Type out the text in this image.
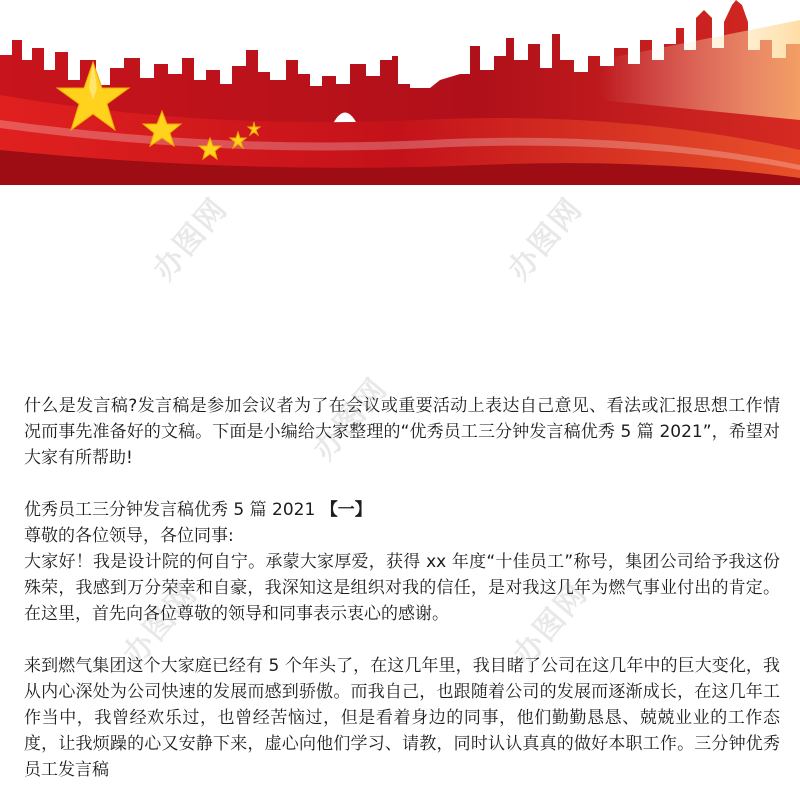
办图网	办图网
办图网
办图网	办图网

什么是发言稿?发言稿是参加会议者为了在会议或重要活动上表达自己意见、看法或汇报思想工作情况而事先准备好的文稿。下面是小编给大家整理的“优秀员工三分钟发言稿优秀 5 篇 2021”，希望对大家有所帮助!

优秀员工三分钟发言稿优秀 5 篇 2021 【一】

尊敬的各位领导，各位同事:

大家好！我是设计院的何自宁。承蒙大家厚爱，获得 xx 年度“十佳员工”称号，集团公司给予我这份殊荣，我感到万分荣幸和自豪，我深知这是组织对我的信任，是对我这几年为燃气事业付出的肯定。在这里，首先向各位尊敬的领导和同事表示衷心的感谢。

来到燃气集团这个大家庭已经有 5 个年头了，在这几年里，我目睹了公司在这几年中的巨大变化，我从内心深处为公司快速的发展而感到骄傲。而我自己，也跟随着公司的发展而逐渐成长，在这几年工作当中，我曾经欢乐过，也曾经苦恼过，但是看着身边的同事，他们勤勤恳恳、兢兢业业的工作态度，让我烦躁的心又安静下来，虚心向他们学习、请教，同时认认真真的做好本职工作。三分钟优秀员工发言稿
